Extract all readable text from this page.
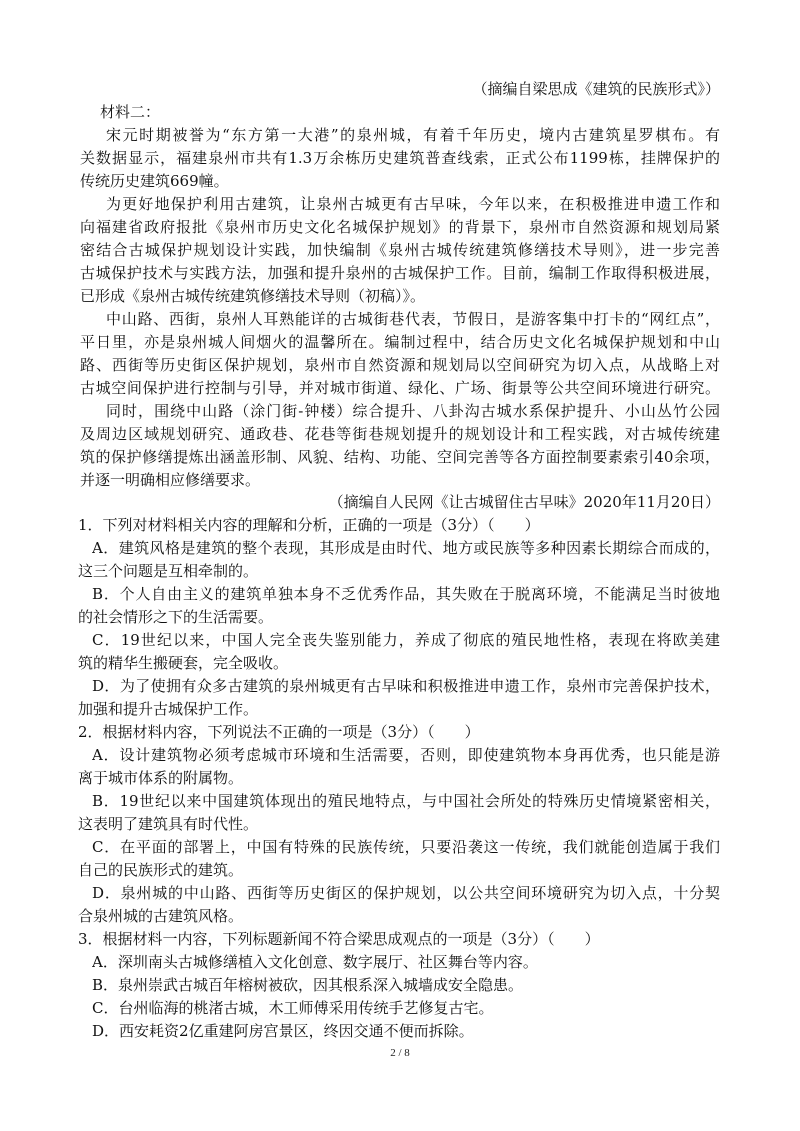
（摘编自梁思成《建筑的民族形式》）
材料二：
宋元时期被誉为“东方第一大港”的泉州城，有着千年历史，境内古建筑星罗棋布。有
关数据显示，福建泉州市共有1.3万余栋历史建筑普查线索，正式公布1199栋，挂牌保护的
传统历史建筑669幢。
为更好地保护利用古建筑，让泉州古城更有古早味，今年以来，在积极推进申遗工作和
向福建省政府报批《泉州市历史文化名城保护规划》的背景下，泉州市自然资源和规划局紧
密结合古城保护规划设计实践，加快编制《泉州古城传统建筑修缮技术导则》，进一步完善
古城保护技术与实践方法，加强和提升泉州的古城保护工作。目前，编制工作取得积极进展，
已形成《泉州古城传统建筑修缮技术导则（初稿）》。
中山路、西街，泉州人耳熟能详的古城街巷代表，节假日，是游客集中打卡的“网红点”，
平日里，亦是泉州城人间烟火的温馨所在。编制过程中，结合历史文化名城保护规划和中山
路、西街等历史街区保护规划，泉州市自然资源和规划局以空间研究为切入点，从战略上对
古城空间保护进行控制与引导，并对城市街道、绿化、广场、街景等公共空间环境进行研究。
同时，围绕中山路（涂门街-钟楼）综合提升、八卦沟古城水系保护提升、小山丛竹公园
及周边区域规划研究、通政巷、花巷等街巷规划提升的规划设计和工程实践，对古城传统建
筑的保护修缮提炼出涵盖形制、风貌、结构、功能、空间完善等各方面控制要素索引40余项，
并逐一明确相应修缮要求。
（摘编自人民网《让古城留住古早味》2020年11月20日）
1．下列对材料相关内容的理解和分析，正确的一项是（3分）（　　）
A．建筑风格是建筑的整个表现，其形成是由时代、地方或民族等多种因素长期综合而成的，
这三个问题是互相牵制的。
B．个人自由主义的建筑单独本身不乏优秀作品，其失败在于脱离环境，不能满足当时彼地
的社会情形之下的生活需要。
C．19世纪以来，中国人完全丧失鉴别能力，养成了彻底的殖民地性格，表现在将欧美建
筑的精华生搬硬套，完全吸收。
D．为了使拥有众多古建筑的泉州城更有古早味和积极推进申遗工作，泉州市完善保护技术，
加强和提升古城保护工作。
2．根据材料内容，下列说法不正确的一项是（3分）（　　）
A．设计建筑物必须考虑城市环境和生活需要，否则，即使建筑物本身再优秀，也只能是游
离于城市体系的附属物。
B．19世纪以来中国建筑体现出的殖民地特点，与中国社会所处的特殊历史情境紧密相关，
这表明了建筑具有时代性。
C．在平面的部署上，中国有特殊的民族传统，只要沿袭这一传统，我们就能创造属于我们
自己的民族形式的建筑。
D．泉州城的中山路、西街等历史街区的保护规划，以公共空间环境研究为切入点，十分契
合泉州城的古建筑风格。
3．根据材料一内容，下列标题新闻不符合梁思成观点的一项是（3分）（　　）
A．深圳南头古城修缮植入文化创意、数字展厅、社区舞台等内容。
B．泉州崇武古城百年榕树被砍，因其根系深入城墙成安全隐患。
C．台州临海的桃渚古城，木工师傅采用传统手艺修复古宅。
D．西安耗资2亿重建阿房宫景区，终因交通不便而拆除。
2 / 8
